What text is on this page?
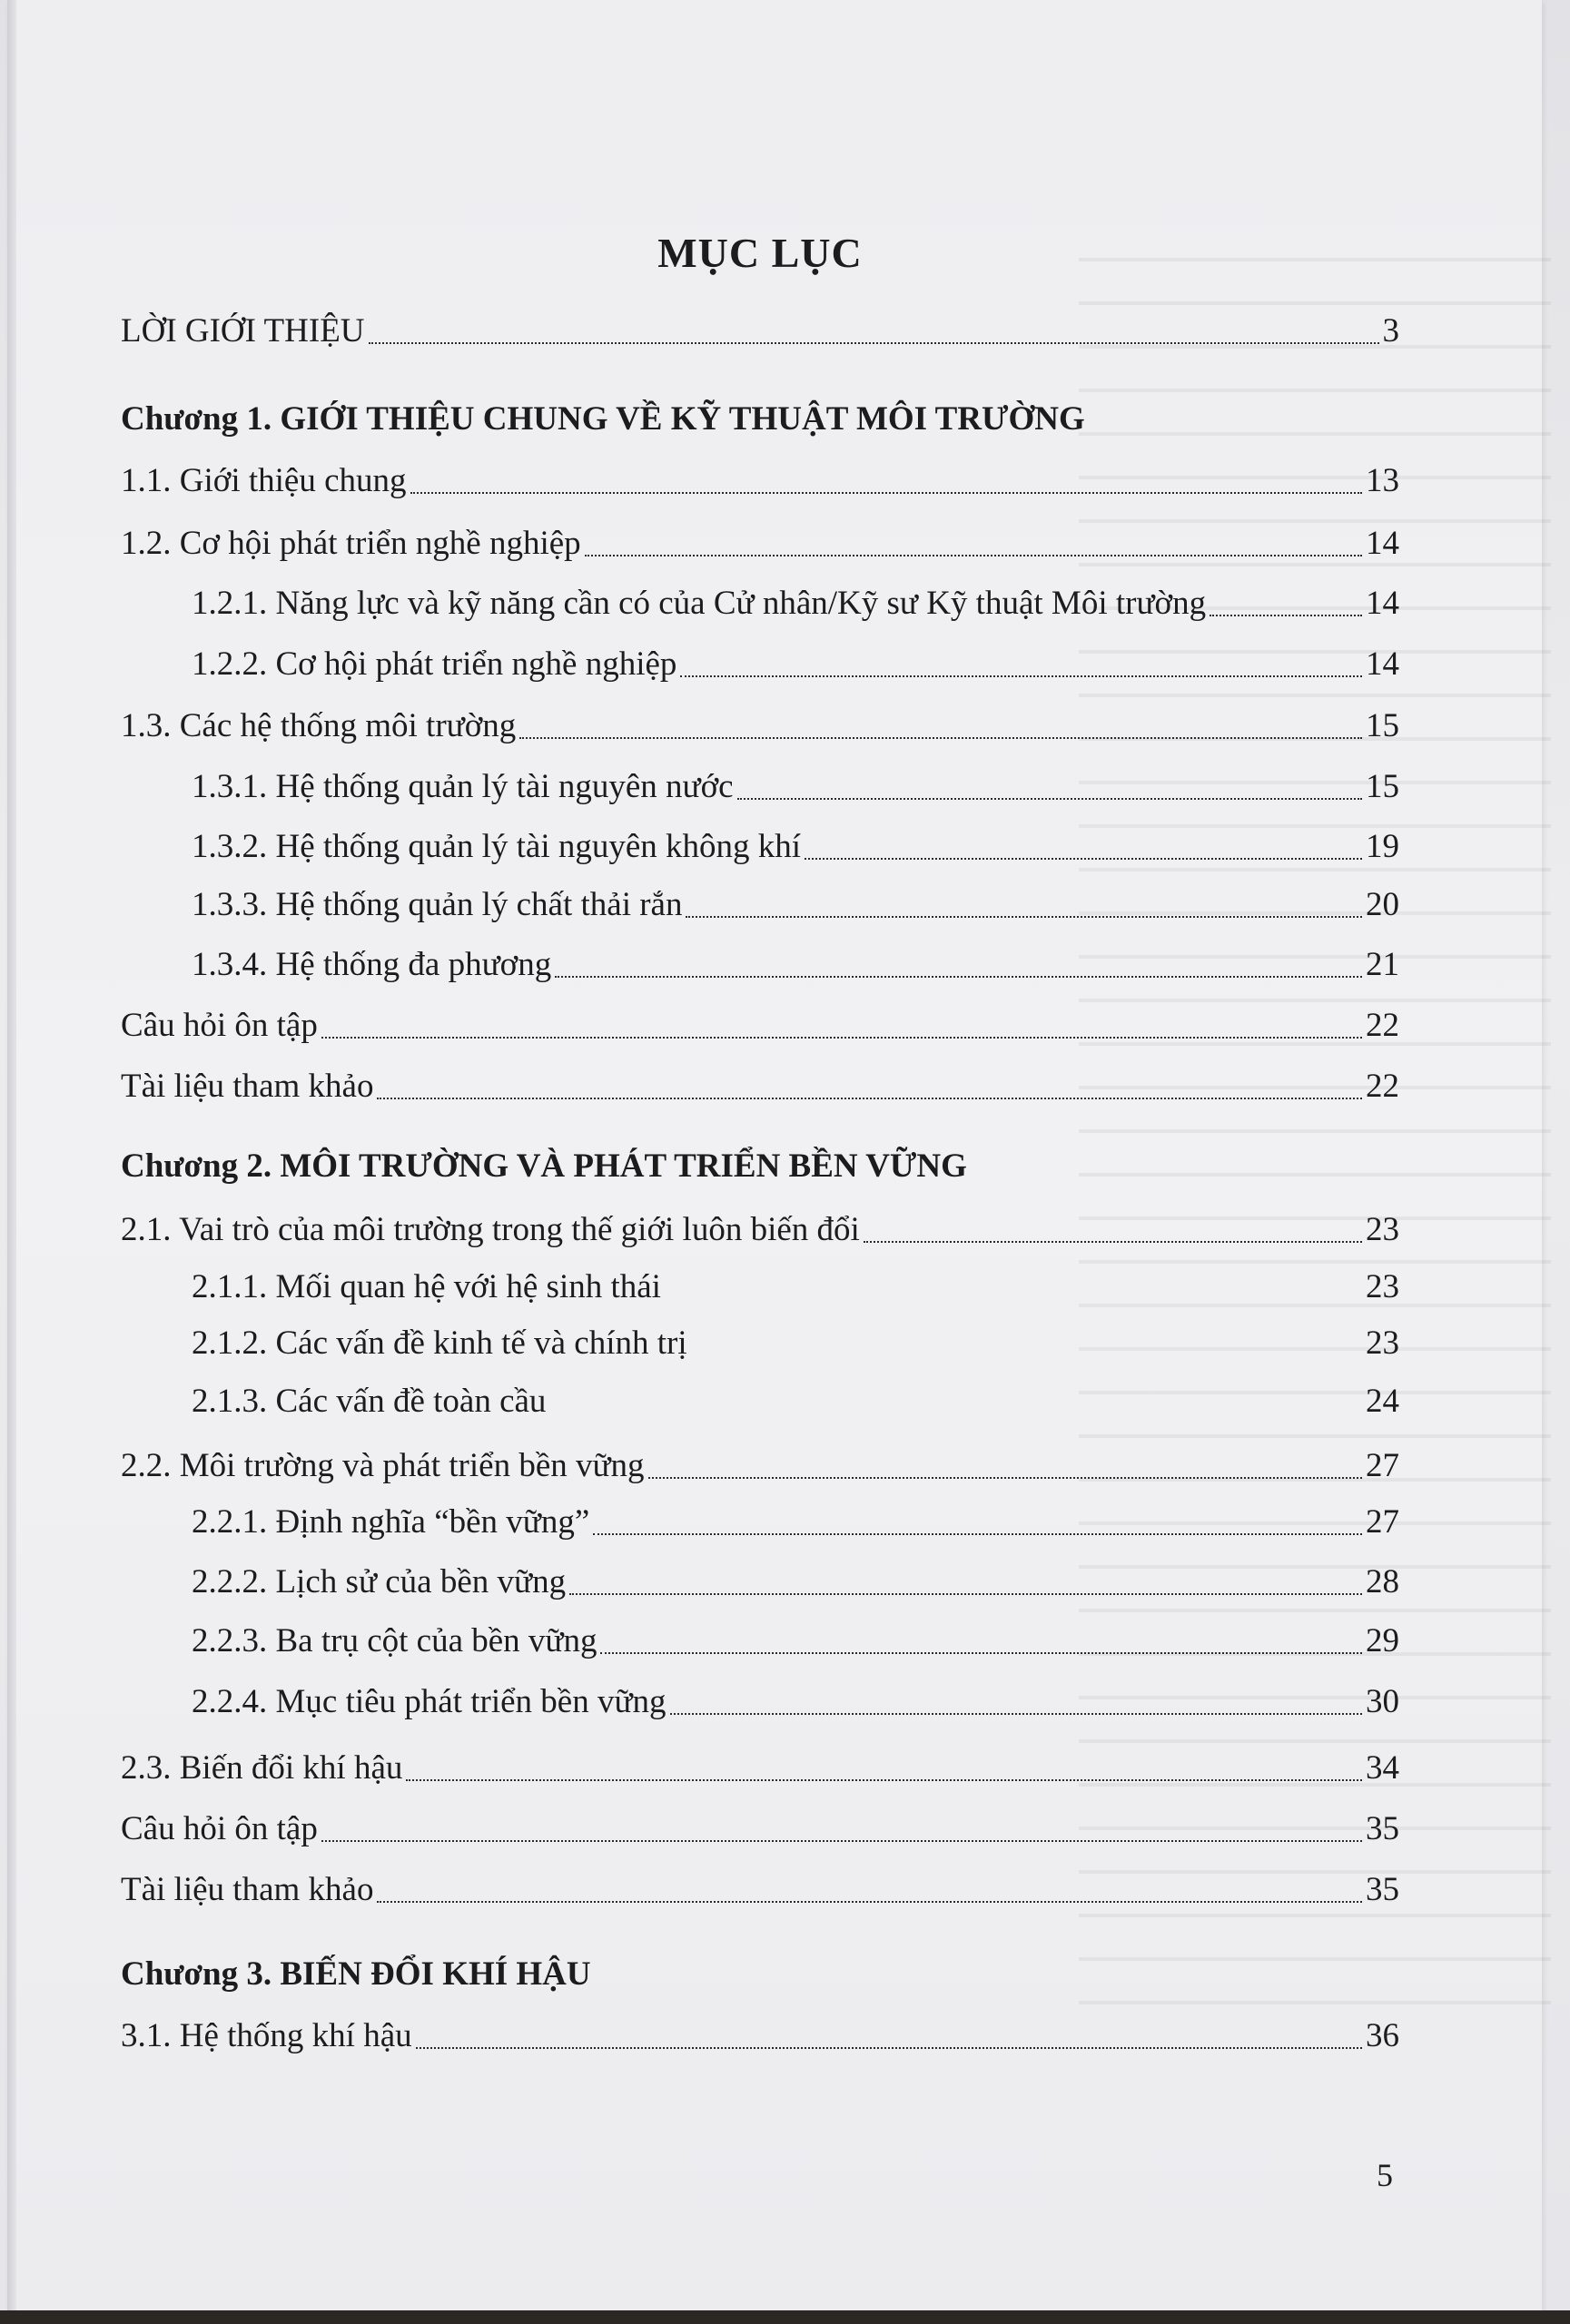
MỤC LỤC
LỜI GIỚI THIỆU	3
Chương 1. GIỚI THIỆU CHUNG VỀ KỸ THUẬT MÔI TRƯỜNG
1.1. Giới thiệu chung	13
1.2. Cơ hội phát triển nghề nghiệp	14
1.2.1. Năng lực và kỹ năng cần có của Cử nhân/Kỹ sư Kỹ thuật Môi trường	14
1.2.2. Cơ hội phát triển nghề nghiệp	14
1.3. Các hệ thống môi trường	15
1.3.1. Hệ thống quản lý tài nguyên nước	15
1.3.2. Hệ thống quản lý tài nguyên không khí	19
1.3.3. Hệ thống quản lý chất thải rắn	20
1.3.4. Hệ thống đa phương	21
Câu hỏi ôn tập	22
Tài liệu tham khảo	22
Chương 2. MÔI TRƯỜNG VÀ PHÁT TRIỂN BỀN VỮNG
2.1. Vai trò của môi trường trong thế giới luôn biến đổi	23
2.1.1. Mối quan hệ với hệ sinh thái	23
2.1.2. Các vấn đề kinh tế và chính trị	23
2.1.3. Các vấn đề toàn cầu	24
2.2. Môi trường và phát triển bền vững	27
2.2.1. Định nghĩa “bền vững”	27
2.2.2. Lịch sử của bền vững	28
2.2.3. Ba trụ cột của bền vững	29
2.2.4. Mục tiêu phát triển bền vững	30
2.3. Biến đổi khí hậu	34
Câu hỏi ôn tập	35
Tài liệu tham khảo	35
Chương 3. BIẾN ĐỔI KHÍ HẬU
3.1. Hệ thống khí hậu	36
5
